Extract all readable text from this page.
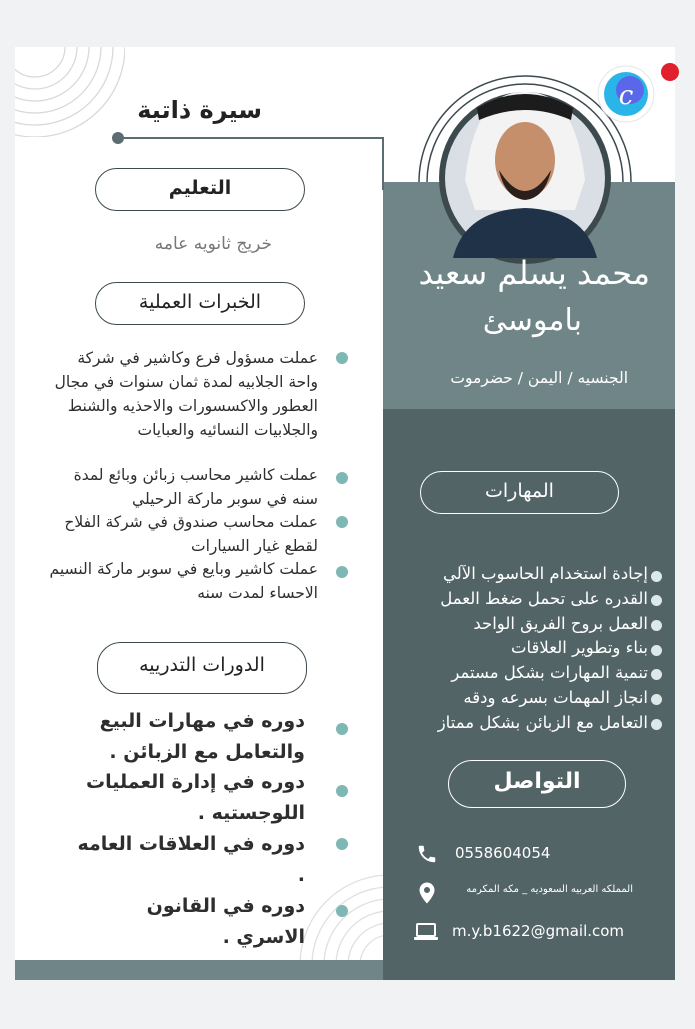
سيرة ذاتية	c
محمد يسلم سعيد
باموسئ
الجنسيه / اليمن / حضرموت
التعليم
خريج ثانويه عامه
الخبرات العملية
عملت مسؤول فرع وكاشير في شركة واحة الجلابيه لمدة ثمان سنوات في مجال العطور والاكسسورات والاحذيه والشنط والجلابيات النسائيه والعبايات
عملت كاشير محاسب زبائن وبائع لمدة سنه في سوبر ماركة الرحيلي
عملت محاسب صندوق في شركة الفلاح لقطع غيار السيارات
عملت كاشير وبايع في سوبر ماركة النسيم الاحساء لمدت سنه
الدورات التدرييه
دوره في مهارات البيع والتعامل مع الزبائن .
دوره في إدارة العمليات اللوجستيه .
دوره في العلاقات العامه .
دوره في القانون الاسري .
المهارات
إجادة استخدام الحاسوب الآلي
القدره على تحمل ضغط العمل
العمل بروح الفريق الواحد
بناء وتطوير العلاقات
تنمية المهارات بشكل مستمر
انجاز المهمات بسرعه ودقه
التعامل مع الزبائن بشكل ممتاز
التواصل
0558604054
المملكه العربيه السعوديه _ مكه المكرمه
m.y.b1622@gmail.com
